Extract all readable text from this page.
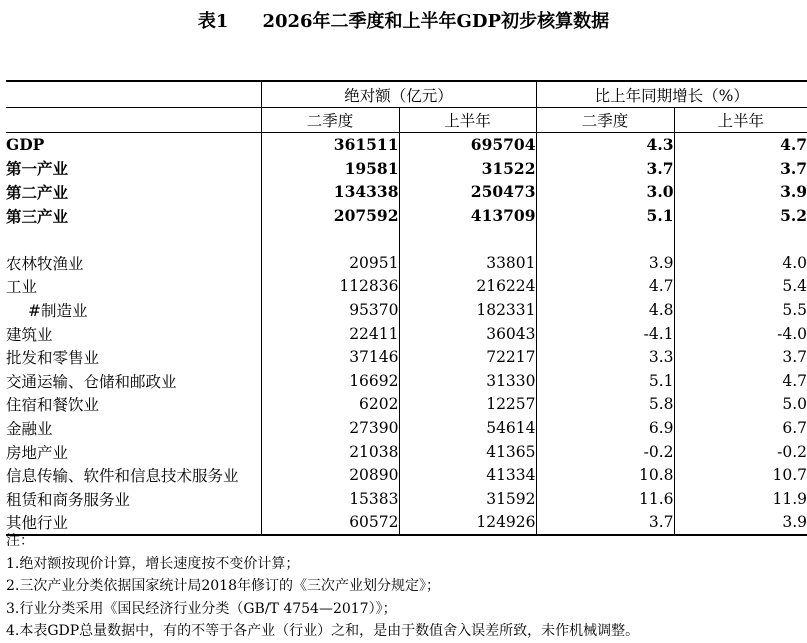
表1 2026年二季度和上半年GDP初步核算数据
	绝对额（亿元）		比上年同期增长（%）	
	二季度	上半年	二季度	上半年
GDP	361511	695704	4.3	4.7
第一产业	19581	31522	3.7	3.7
第二产业	134338	250473	3.0	3.9
第三产业	207592	413709	5.1	5.2

农林牧渔业	20951	33801	3.9	4.0
工业	112836	216224	4.7	5.4
#制造业	95370	182331	4.8	5.5
建筑业	22411	36043	-4.1	-4.0
批发和零售业	37146	72217	3.3	3.7
交通运输、仓储和邮政业	16692	31330	5.1	4.7
住宿和餐饮业	6202	12257	5.8	5.0
金融业	27390	54614	6.9	6.7
房地产业	21038	41365	-0.2	-0.2
信息传输、软件和信息技术服务业	20890	41334	10.8	10.7
租赁和商务服务业	15383	31592	11.6	11.9
其他行业	60572	124926	3.7	3.9
注：
1.绝对额按现价计算，增长速度按不变价计算；
2.三次产业分类依据国家统计局2018年修订的《三次产业划分规定》；
3.行业分类采用《国民经济行业分类（GB/T 4754—2017）》；
4.本表GDP总量数据中，有的不等于各产业（行业）之和，是由于数值舍入误差所致，未作机械调整。
